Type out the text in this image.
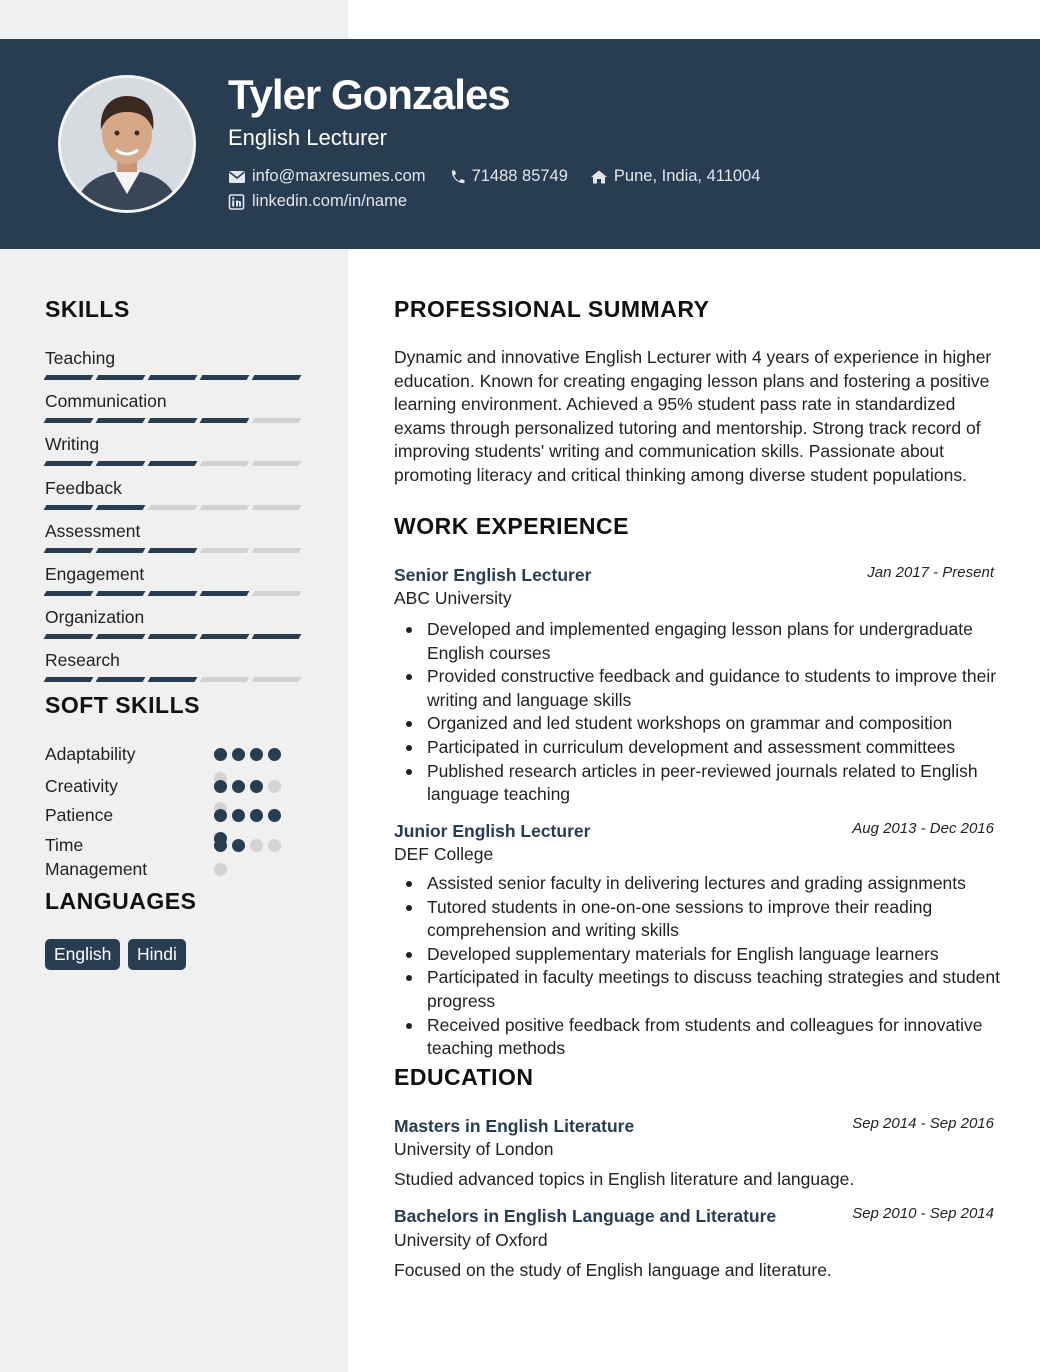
Tyler Gonzales
English Lecturer
info@maxresumes.com	71488 85749	Pune, India, 411004
linkedin.com/in/name
SKILLS
Teaching
Communication
Writing
Feedback
Assessment
Engagement
Organization
Research
SOFT SKILLS
Adaptability
Creativity
Patience
Time
Management
LANGUAGES
English	Hindi
PROFESSIONAL SUMMARY
Dynamic and innovative English Lecturer with 4 years of experience in higher education. Known for creating engaging lesson plans and fostering a positive learning environment. Achieved a 95% student pass rate in standardized exams through personalized tutoring and mentorship. Strong track record of improving students' writing and communication skills. Passionate about promoting literacy and critical thinking among diverse student populations.
WORK EXPERIENCE
Senior English Lecturer	Jan 2017 - Present
ABC University
Developed and implemented engaging lesson plans for undergraduate English courses
Provided constructive feedback and guidance to students to improve their writing and language skills
Organized and led student workshops on grammar and composition
Participated in curriculum development and assessment committees
Published research articles in peer-reviewed journals related to English language teaching
Junior English Lecturer	Aug 2013 - Dec 2016
DEF College
Assisted senior faculty in delivering lectures and grading assignments
Tutored students in one-on-one sessions to improve their reading comprehension and writing skills
Developed supplementary materials for English language learners
Participated in faculty meetings to discuss teaching strategies and student progress
Received positive feedback from students and colleagues for innovative teaching methods
EDUCATION
Masters in English Literature	Sep 2014 - Sep 2016
University of London
Studied advanced topics in English literature and language.
Bachelors in English Language and Literature	Sep 2010 - Sep 2014
University of Oxford
Focused on the study of English language and literature.
